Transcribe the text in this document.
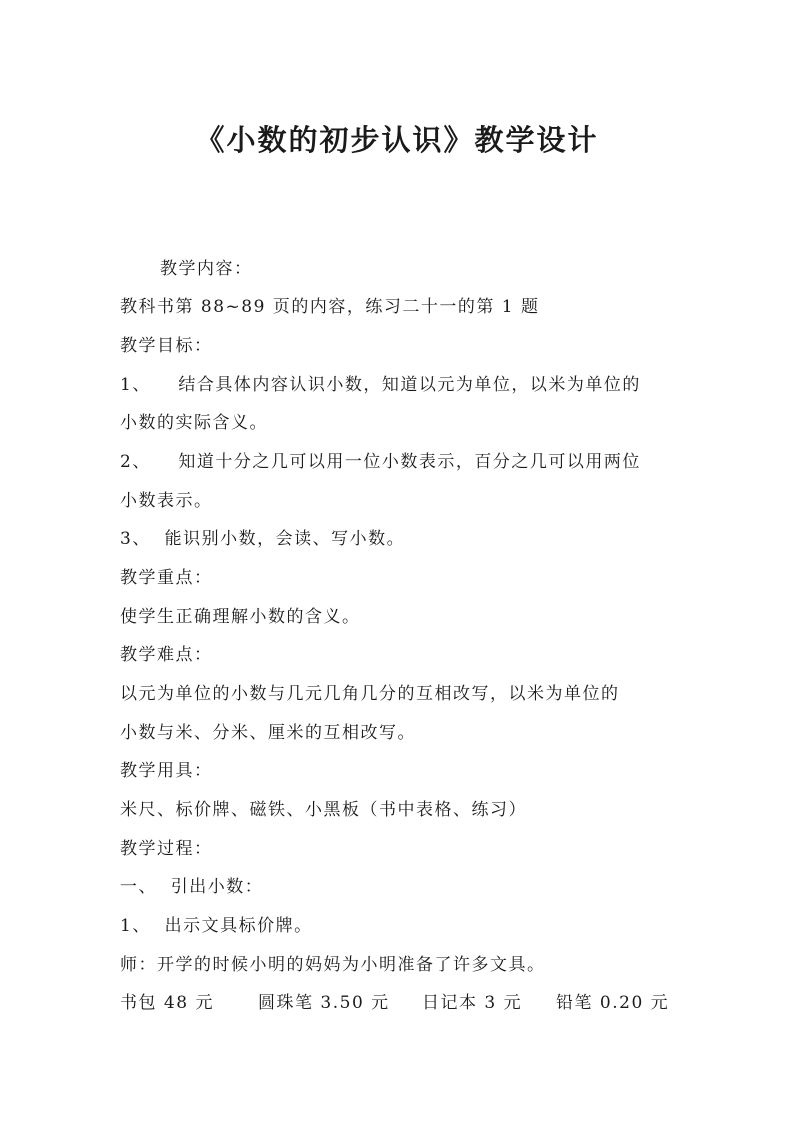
《小数的初步认识》教学设计
教学内容：
教科书第 88~89 页的内容，练习二十一的第 1 题
教学目标：
1、    结合具体内容认识小数，知道以元为单位，以米为单位的
小数的实际含义。
2、    知道十分之几可以用一位小数表示，百分之几可以用两位
小数表示。
3、  能识别小数，会读、写小数。
教学重点：
使学生正确理解小数的含义。
教学难点：
以元为单位的小数与几元几角几分的互相改写，以米为单位的
小数与米、分米、厘米的互相改写。
教学用具：
米尺、标价牌、磁铁、小黑板（书中表格、练习）
教学过程：
一、  引出小数：
1、  出示文具标价牌。
师：开学的时候小明的妈妈为小明准备了许多文具。
书包 48 元	圆珠笔 3.50 元 日记本 3 元 铅笔 0.20 元
